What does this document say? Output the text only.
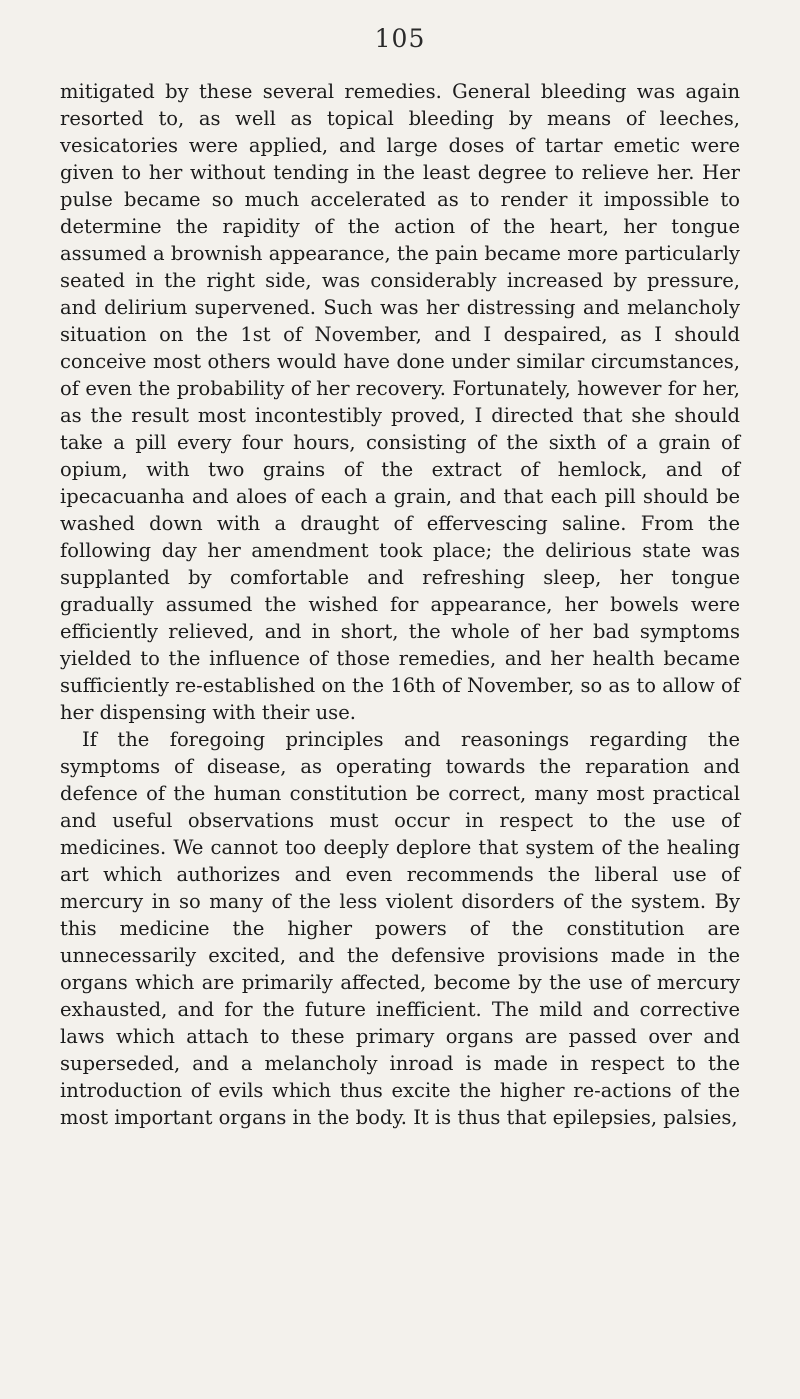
105

mitigated by these several remedies. General bleeding was again resorted to, as well as topical bleeding by means of leeches, vesicatories were applied, and large doses of tartar emetic were given to her without tending in the least degree to relieve her. Her pulse became so much accelerated as to render it impossible to determine the rapidity of the action of the heart, her tongue assumed a brownish appearance, the pain became more particularly seated in the right side, was considerably increased by pressure, and delirium supervened. Such was her distressing and melancholy situation on the 1st of November, and I despaired, as I should conceive most others would have done under similar circumstances, of even the probability of her recovery. Fortunately, however for her, as the result most incontestibly proved, I directed that she should take a pill every four hours, consisting of the sixth of a grain of opium, with two grains of the extract of hemlock, and of ipecacuanha and aloes of each a grain, and that each pill should be washed down with a draught of effervescing saline. From the following day her amendment took place; the delirious state was supplanted by comfortable and refreshing sleep, her tongue gradually assumed the wished for appearance, her bowels were efficiently relieved, and in short, the whole of her bad symptoms yielded to the influence of those remedies, and her health became sufficiently re-established on the 16th of November, so as to allow of her dispensing with their use.

If the foregoing principles and reasonings regarding the symptoms of disease, as operating towards the reparation and defence of the human constitution be correct, many most practical and useful observations must occur in respect to the use of medicines. We cannot too deeply deplore that system of the healing art which authorizes and even recommends the liberal use of mercury in so many of the less violent disorders of the system. By this medicine the higher powers of the constitution are unnecessarily excited, and the defensive provisions made in the organs which are primarily affected, become by the use of mercury exhausted, and for the future inefficient. The mild and corrective laws which attach to these primary organs are passed over and superseded, and a melancholy inroad is made in respect to the introduction of evils which thus excite the higher re-actions of the most important organs in the body. It is thus that epilepsies, palsies,
